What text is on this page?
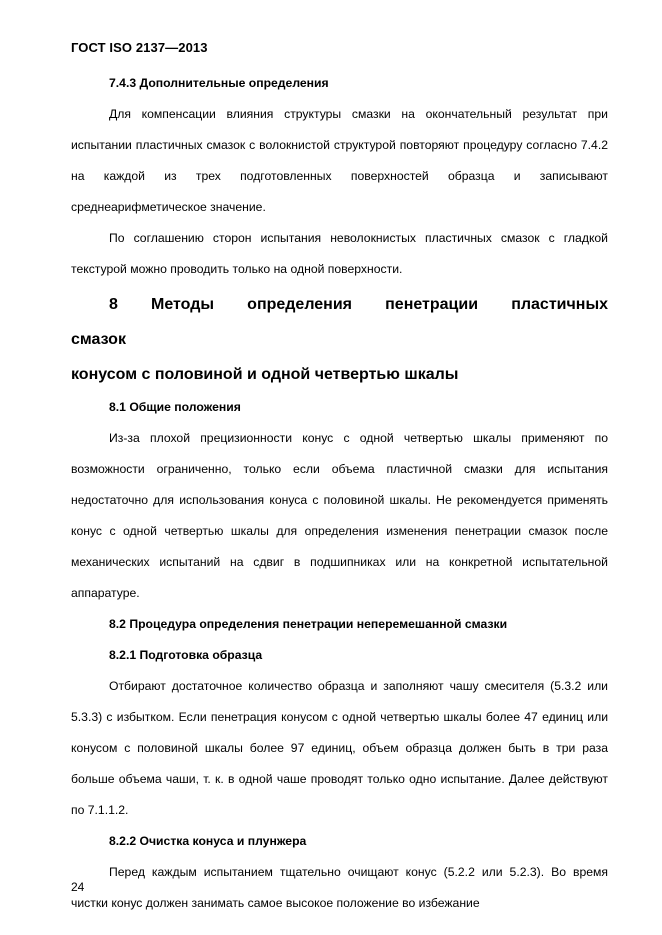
ГОСТ ISO 2137—2013
7.4.3 Дополнительные определения

Для компенсации влияния структуры смазки на окончательный результат при испытании пластичных смазок с волокнистой структурой повторяют процедуру согласно 7.4.2 на каждой из трех подготовленных поверхностей образца и записывают среднеарифметическое значение.

По соглашению сторон испытания неволокнистых пластичных смазок с гладкой текстурой можно проводить только на одной поверхности.

8 Методы определения пенетрации пластичных смазок
конусом с половиной и одной четвертью шкалы
8.1 Общие положения

Из-за плохой прецизионности конус с одной четвертью шкалы применяют по возможности ограниченно, только если объема пластичной смазки для испытания недостаточно для использования конуса с половиной шкалы. Не рекомендуется применять конус с одной четвертью шкалы для определения изменения пенетрации смазок после механических испытаний на сдвиг в подшипниках или на конкретной испытательной аппаратуре.

8.2 Процедура определения пенетрации неперемешанной смазки
8.2.1 Подготовка образца

Отбирают достаточное количество образца и заполняют чашу смесителя (5.3.2 или 5.3.3) с избытком. Если пенетрация конусом с одной четвертью шкалы более 47 единиц или конусом с половиной шкалы более 97 единиц, объем образца должен быть в три раза больше объема чаши, т. к. в одной чаше проводят только одно испытание. Далее действуют по 7.1.1.2.

8.2.2 Очистка конуса и плунжера

Перед каждым испытанием тщательно очищают конус (5.2.2 или 5.2.3). Во время чистки конус должен занимать самое высокое положение во избежание

24
